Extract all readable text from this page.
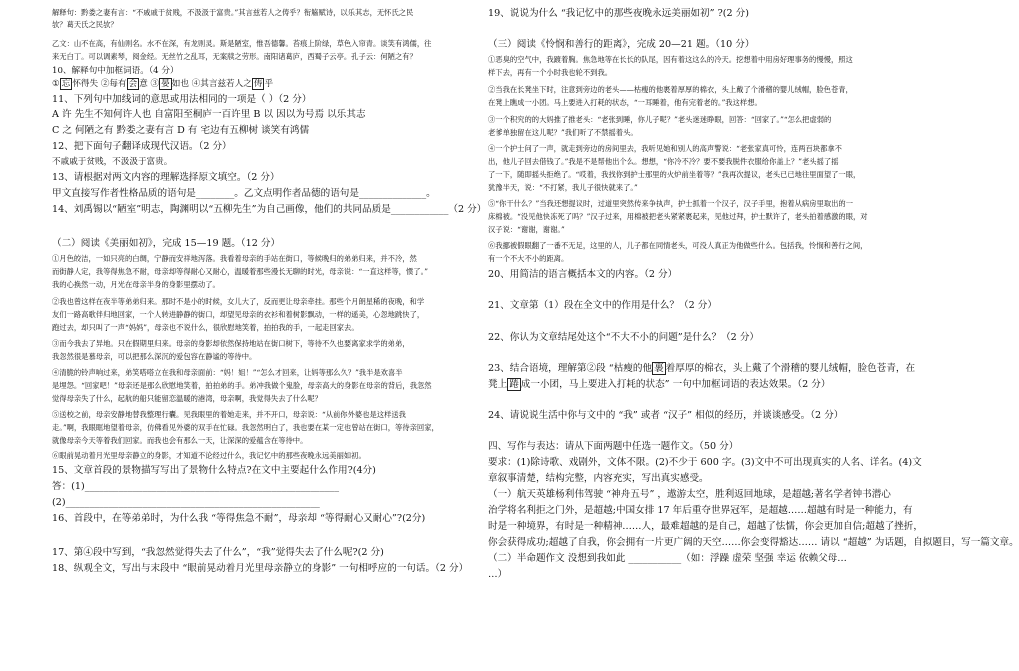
解释句：黔娄之妻有言：“不戚戚于贫贱，不汲汲于富贵。”其言兹若人之俦乎？衔觞赋诗，以乐其志，无怀氏之民
欤？葛天氏之民欤？
乙文：山不在高，有仙则名。水不在深，有龙则灵。斯是陋室，惟吾德馨。苔痕上阶绿，草色入帘青。谈笑有鸿儒，往
来无白丁。可以调素琴，阅金经。无丝竹之乱耳，无案牍之劳形。南阳诸葛庐，西蜀子云亭。孔子云：何陋之有？
10、解释句中加框词语。（4 分）
① 忘 怀得失 ②每有 会 意 ③ 晏 如也 ④其言兹若人之 俦 乎
11、下列句中加线词的意思或用法相同的一项是（ ）（2 分）
A 许 先生不知何许人也 自富阳至桐庐一百许里 B 以 因以为号焉 以乐其志
C 之 何陋之有 黔娄之妻有言 D 有 宅边有五柳树 谈笑有鸿儒
12、把下面句子翻译成现代汉语。（2 分）
不戚戚于贫贱，不汲汲于富贵。
13、请根据对两文内容的理解选择原文填空。（2 分）
甲文直接写作者性格品质的语句是________。乙文点明作者品德的语句是______________。
14、刘禹锡以“陋室”明志，陶渊明以“五柳先生”为自己画像，他们的共同品质是____________（2 分）
（二）阅读《美丽如初》，完成 15—19 题。（12 分）
①月色皎洁，一如只亮的白绸，宁静而安祥地泻落。我看着母亲的手站在街口，等候晚归的弟弟归来，并不冷，然
而街静人定，我等得焦急不耐，母亲却等得耐心又耐心，温暖着那些漫长无聊的时光，母亲说：“一直这样等，惯了。”
我的心换然一动，月光在母亲半身的身影里摆动了。
②我也曾这样在夜半等弟弟归来。那时不是小的时候，女儿大了，反而更让母亲牵挂。那些个月朗星稀的夜晚，和学
友们一路高歌伴归地回家，一个人转进静静的街口，却望见母亲的衣衫和着树影飘动，一样的遥美，心忽地跳快了，
跑过去，却只叫了一声“妈妈”，母亲也不说什么，很欣慰地笑着，拍拍我的手，一起走回家去。
③而今我去了异地。只在假期里归来。母亲的身影却依然保持地站在街口树下，等待不久也要离家求学的弟弟，
我忽然很是慕母亲，可以把那么深沉的爱包容在静谧的等待中。
④清脆的铃声响过来，弟笑嗒嗒立在我和母亲面前：“妈！姐！”“怎么才回来，让妈等那么久？”我半是欢喜半
是埋怨。“回家吧！”母亲还是那么欣慰地笑着，拍拍弟的手。弟冲我做个鬼脸，母亲高大的身影在母亲的背后，我忽然
觉得母亲失了什么，起航的船只能留恋温暖的港湾，母亲啊，我觉得失去了什么呢？
⑤送校之前，母亲安静地替我整理行囊。见我眼里的着她走来，并不开口，母亲说：“从前你外婆也是这样送我
走。”啊，我眼眶地望着母亲，仿佛看见外婆的双手在忙碌。我忽然明白了，我也要在某一定也曾站在街口，等待亲回家，
就像母亲今天等着我们回家。而我也会有那么一天，让深深的爱蕴含在等待中。
⑥眼前晃动着月光里母亲静立的身影，才知道不论经过什么，我记忆中的那些夜晚永远美丽如初。
15、文章首段的景物描写写出了景物什么特点?在文中主要起什么作用?(4分)
答：(1)_____________________________________________________
(2)_____________________________________________________
16、首段中，在等弟弟时，为什么我 “等得焦急不耐”，母亲却 “等得耐心又耐心”?(2分)
17、第④段中写到，“我忽然觉得失去了什么”，“我”觉得失去了什么呢?(2 分)
18、纵观全文，写出与末段中 “眼前晃动着月光里母亲静立的身影” 一句相呼应的一句话。（2 分）
19、说说为什么 “我记忆中的那些夜晚永远美丽如初” ?(2 分)
（三）阅读《怜悯和善行的距离》，完成 20—21 题。（10 分）
①恶臭的空气中，我踱着胸。焦急地等在长长的队尾，因有着这这么的冷天。挖想着中用房好理事务的慢慢，照这
样下去，再有一个小时我也轮不到我。
②当我在长凳坐下时，注意到旁边的老头——枯瘦的他裹着厚厚的棉衣，头上戴了个滑稽的婴儿绒帽，脸色苍青，
在凳上瞧成一小团。马上要进入打耗的状态，“一耳睡着，他有完着老的。”我这样想。
③一个积究的的大妈推了推老头：“老张到睡，你儿子呢？”老头迷迷睁眼，回答：“回家了。”“怎么把虚弱的
老爹单独留在这儿呢？”我们听了不禁摇着头。
④一个护士问了一声，就走到旁边的房间里去，我听见她和别人的高声警说：“老张家真可怜，连两百块都拿不
出，他儿子回去借钱了。”我是不是帮他出个么。想想，“你冷不冷？要不要我脱件衣服给你盖上？”老头摇了摇
了一下，随即摇头拒绝了。“哎着，我找你到护士那里的火炉前坐着等？”我再次提议，老头已已地往里面望了一眼，
犹豫半天，说：“不打紧，我儿子很快就来了。”
⑤“你干什么？”当我还想提议时，过道里突然传来争执声，护士抓着一个汉子，汉子手里，抱着从病房里取出的一
床棉被。“没见他快冻死了吗？”汉子过来，用棉被把老头紧紧裹起来，见他过拜，护士默许了，老头拍着感激的眼，对
汉子说：“谢谢，谢谢。”
⑥我挪被假眼翻了一番不无足，这里的人，儿子都在同情老头，可没人真正为他做些什么。包括我，怜悯和善行之间，
有一个不大不小的距离。
20、用简洁的语言概括本文的内容。（2 分）
21、文章第（1）段在全文中的作用是什么？（2 分）
22、你认为文章结尾处这个“不大不小的问题”是什么？（2 分）
23、结合语境，理解第②段 “枯瘦的他 裹 着厚厚的棉衣，头上戴了个滑稽的婴儿绒帽，脸色苍青，在
凳上 踡 成一小团，马上要进入打耗的状态” 一句中加框词语的表达效果。（2 分）
24、请说说生活中你与文中的 “我” 或者 “汉子” 相似的经历，并谈谈感受。（2 分）
四、写作与表达：请从下面两题中任选一题作文。（50 分）
要求：(1)除诗歌、戏剧外，文体不限。(2)不少于 600 字。(3)文中不可出现真实的人名、详名。(4)文
章叙事清楚，结构完整，内容充实，写出真实感受。
（一）航天英雄杨利伟驾驶 “神舟五号” ，遨游太空，胜利返回地球，是超越;著名学者钟书潜心
治学将名利拒之门外，是超越;中国女排 17 年后重夺世界冠军，是超越……超越有时是一种能力，有
时是一种境界，有时是一种精神……人，最难超越的是自己，超越了怯懦，你会更加自信;超越了挫折，
你会获得成功;超越了自我，你会拥有一片更广阔的天空……你会变得豁达…… 请以 “超越” 为话题，自拟题目，写一篇文章。
（二）半命题作文 没想到我如此 ___________（如：浮躁 虚荣 坚强 幸运 依赖父母…
…）
